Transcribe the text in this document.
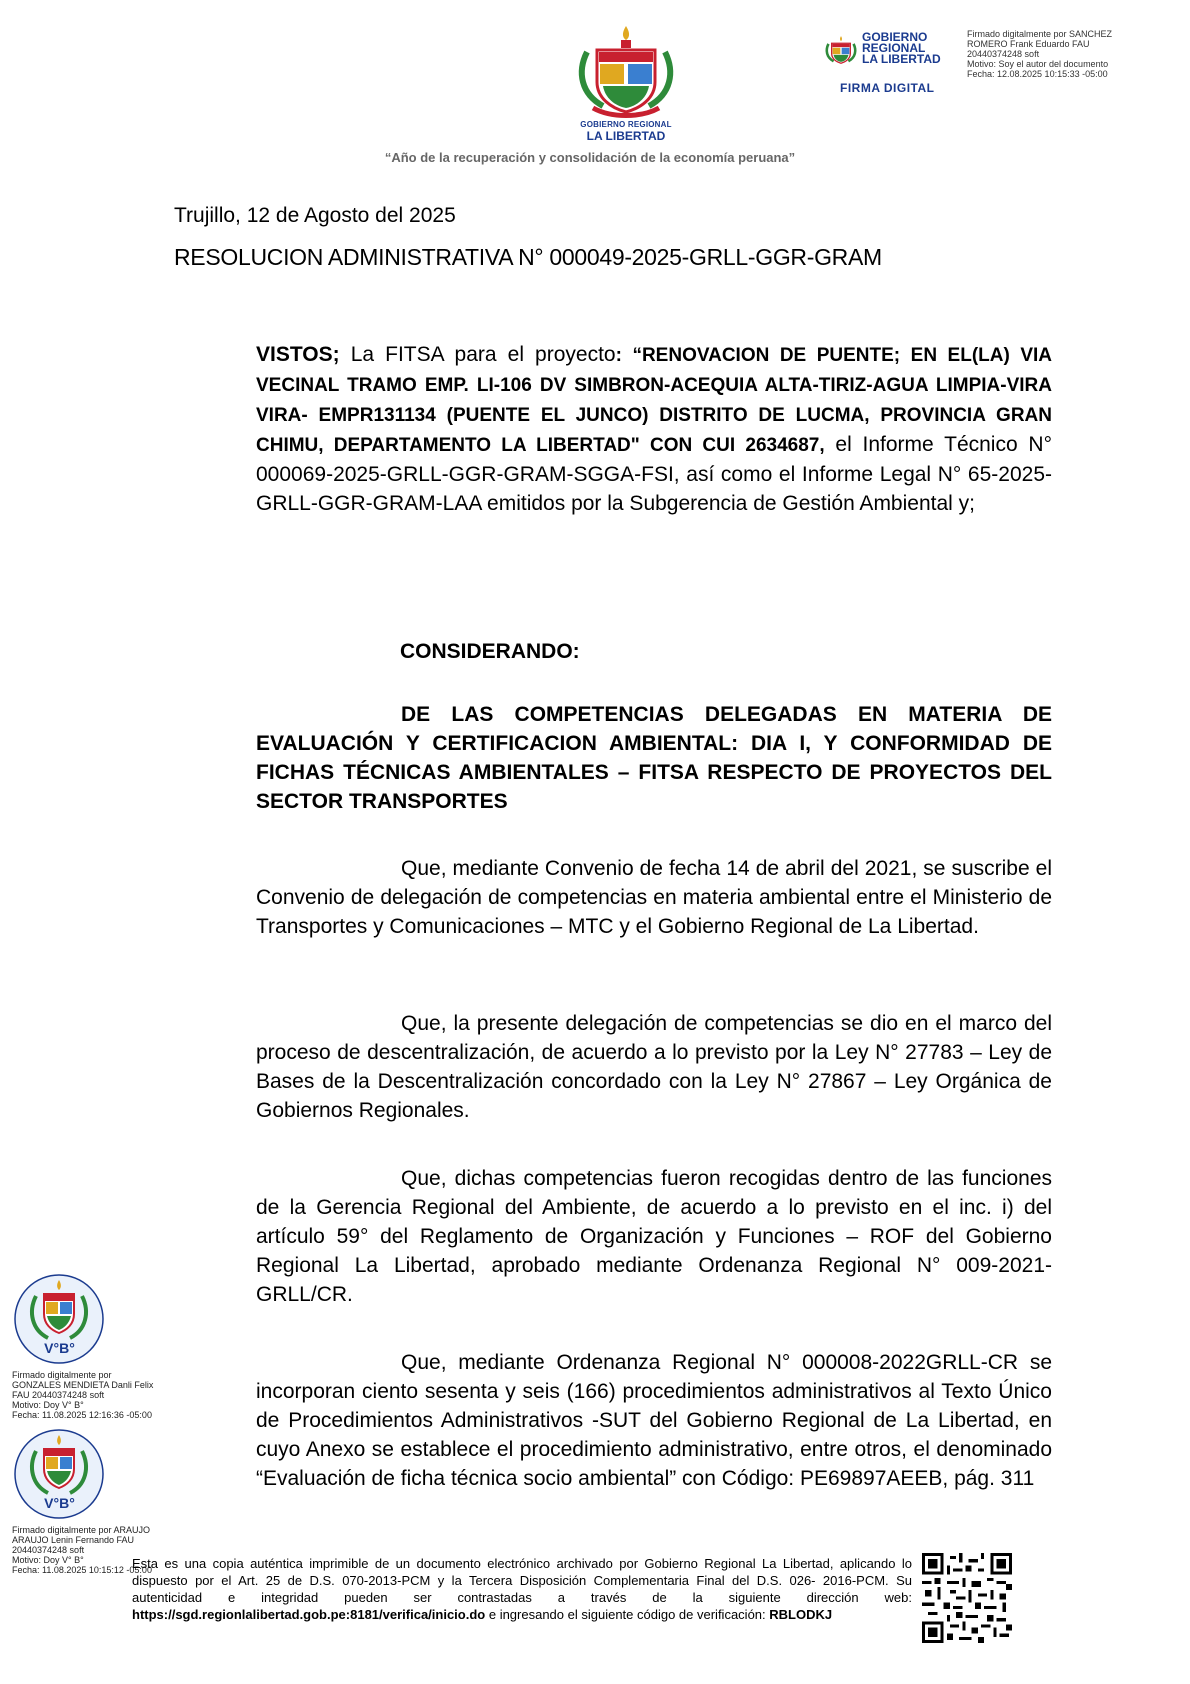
GOBIERNO REGIONAL
LA LIBERTAD
“Año de la recuperación y consolidación de la economía peruana”
GOBIERNO
REGIONAL
LA LIBERTAD
FIRMA DIGITAL
Firmado digitalmente por SANCHEZ
ROMERO Frank Eduardo FAU
20440374248 soft
Motivo: Soy el autor del documento
Fecha: 12.08.2025 10:15:33 -05:00
Trujillo, 12 de Agosto del 2025
RESOLUCION ADMINISTRATIVA N° 000049-2025-GRLL-GGR-GRAM
VISTOS; La FITSA para el proyecto: “RENOVACION DE PUENTE; EN EL(LA) VIA VECINAL TRAMO EMP. LI-106 DV SIMBRON-ACEQUIA ALTA-TIRIZ-AGUA LIMPIA-VIRA VIRA- EMPR131134 (PUENTE EL JUNCO) DISTRITO DE LUCMA, PROVINCIA GRAN CHIMU, DEPARTAMENTO LA LIBERTAD" CON CUI 2634687, el Informe Técnico N° 000069-2025-GRLL-GGR-GRAM-SGGA-FSI, así como el Informe Legal N° 65-2025-GRLL-GGR-GRAM-LAA emitidos por la Subgerencia de Gestión Ambiental y;
CONSIDERANDO:
DE LAS COMPETENCIAS DELEGADAS EN MATERIA DE EVALUACIÓN Y CERTIFICACION AMBIENTAL: DIA I, Y CONFORMIDAD DE FICHAS TÉCNICAS AMBIENTALES – FITSA RESPECTO DE PROYECTOS DEL SECTOR TRANSPORTES
Que, mediante Convenio de fecha 14 de abril del 2021, se suscribe el Convenio de delegación de competencias en materia ambiental entre el Ministerio de Transportes y Comunicaciones – MTC y el Gobierno Regional de La Libertad.
Que, la presente delegación de competencias se dio en el marco del proceso de descentralización, de acuerdo a lo previsto por la Ley N° 27783 – Ley de Bases de la Descentralización concordado con la Ley N° 27867 – Ley Orgánica de Gobiernos Regionales.
Que, dichas competencias fueron recogidas dentro de las funciones de la Gerencia Regional del Ambiente, de acuerdo a lo previsto en el inc. i) del artículo 59° del Reglamento de Organización y Funciones – ROF del Gobierno Regional La Libertad, aprobado mediante Ordenanza Regional N° 009-2021-GRLL/CR.
Que, mediante Ordenanza Regional N° 000008-2022GRLL-CR se incorporan ciento sesenta y seis (166) procedimientos administrativos al Texto Único de Procedimientos Administrativos -SUT del Gobierno Regional de La Libertad, en cuyo Anexo se establece el procedimiento administrativo, entre otros, el denominado “Evaluación de ficha técnica socio ambiental” con Código: PE69897AEEB, pág. 311
V°B°
Firmado digitalmente por
GONZALES MENDIETA Danli Felix
FAU 20440374248 soft
Motivo: Doy V° B°
Fecha: 11.08.2025 12:16:36 -05:00
V°B°
Firmado digitalmente por ARAUJO
ARAUJO Lenin Fernando FAU
20440374248 soft
Motivo: Doy V° B°
Fecha: 11.08.2025 10:15:12 -05:00
Esta es una copia auténtica imprimible de un documento electrónico archivado por Gobierno Regional La Libertad, aplicando lo dispuesto por el Art. 25 de D.S. 070-2013-PCM y la Tercera Disposición Complementaria Final del D.S. 026- 2016-PCM. Su autenticidad e integridad pueden ser contrastadas a través de la siguiente dirección web: https://sgd.regionlalibertad.gob.pe:8181/verifica/inicio.do e ingresando el siguiente código de verificación: RBLODKJ
